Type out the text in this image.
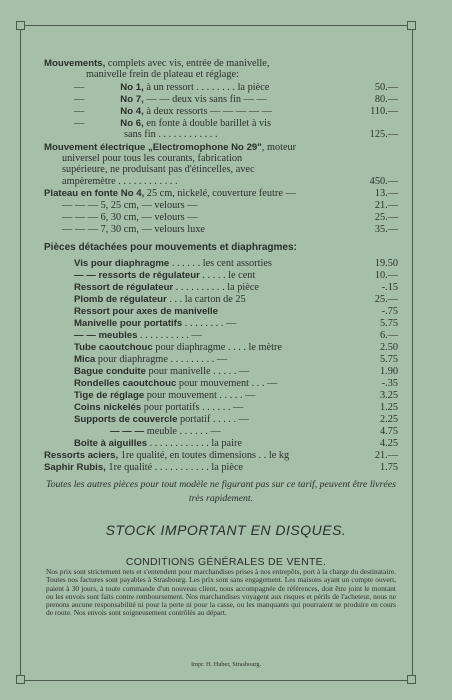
Mouvements, complets avec vis, entrée de manivelle,
manivelle frein de plateau et réglage:
—	No 1, à un ressort . . . . . . . . la pièce	50.—
—	No 7, — — deux vis sans fin — —	80.—
—	No 4, à deux ressorts — — — — —	110.—
—	No 6, en fonte à double barillet à vis
sans fin . . . . . . . . . . . .	125.—
Mouvement électrique „Electromophone No 29", moteur
universel pour tous les courants, fabrication
supérieure, ne produisant pas d'étincelles, avec
ampèremètre . . . . . . . . . . . .	450.—
Plateau en fonte No 4, 25 cm, nickelé, couverture feutre —	13.—
— — — 5, 25 cm, — velours —	21.—
— — — 6, 30 cm, — velours —	25.—
— — — 7, 30 cm, — velours luxe	35.—
Pièces détachées pour mouvements et diaphragmes:
Vis pour diaphragme . . . . . . les cent assorties	19.50
— — ressorts de régulateur . . . . . le cent	10.—
Ressort de régulateur . . . . . . . . . . la pièce	-.15
Plomb de régulateur . . . la carton de 25	25.—
Ressort pour axes de manivelle	-.75
Manivelle pour portatifs . . . . . . . . —	5.75
— — meubles . . . . . . . . . . —	6.—
Tube caoutchouc pour diaphragme . . . . le mètre	2.50
Mica pour diaphragme . . . . . . . . . —	5.75
Bague conduite pour manivelle . . . . . —	1.90
Rondelles caoutchouc pour mouvement . . . —	-.35
Tige de réglage pour mouvement . . . . . —	3.25
Coins nickelés pour portatifs . . . . . . —	1.25
Supports de couvercle portatif . . . . . —	2.25
— — — meuble . . . . . . —	4.75
Boîte à aiguilles . . . . . . . . . . . . la paire	4.25
Ressorts aciers, 1re qualité, en toutes dimensions . . le kg	21.—
Saphir Rubis, 1re qualité . . . . . . . . . . . la pièce	1.75
Toutes les autres pièces pour tout modèle ne figurant pas sur ce tarif, peuvent être livrées très rapidement.
STOCK IMPORTANT EN DISQUES.
CONDITIONS GÉNÉRALES DE VENTE.
Nos prix sont strictement nets et s'entendent pour marchandises prises à nos entrepôts, port à la charge du destinataire. Toutes nos factures sont payables à Strasbourg. Les prix sont sans engagement. Les maisons ayant un compte ouvert, paient à 30 jours, à toute commande d'un nouveau client, nous accompagnée de références, doit être joint le montant ou les envois sont faits contre remboursement. Nos marchandises voyagent aux risques et périls de l'acheteur, nous ne prenons aucune responsabilité ni pour la perte ni pour la casse, ou les manquants qui pourraient se produire en cours de route. Nos envois sont soigneusement contrôlés au départ.
Impr. H. Huber, Strasbourg.
